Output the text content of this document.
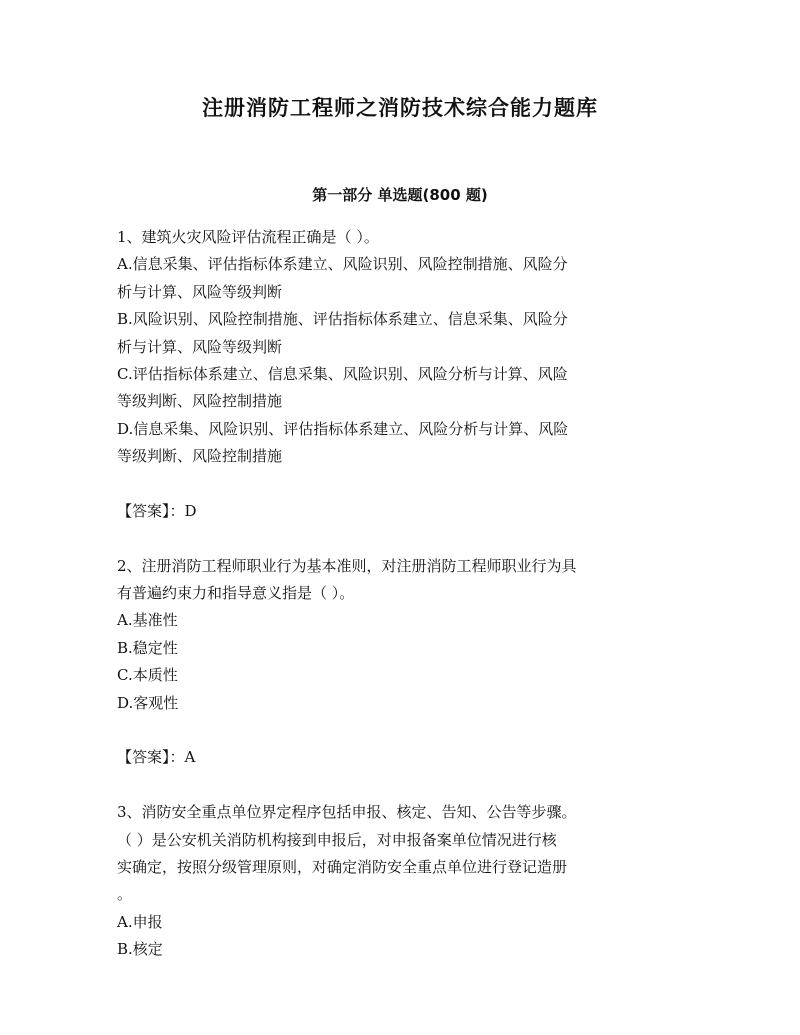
注册消防工程师之消防技术综合能力题库
第一部分 单选题(800 题)
1、建筑火灾风险评估流程正确是（ ）。
A.信息采集、评估指标体系建立、风险识别、风险控制措施、风险分
析与计算、风险等级判断
B.风险识别、风险控制措施、评估指标体系建立、信息采集、风险分
析与计算、风险等级判断
C.评估指标体系建立、信息采集、风险识别、风险分析与计算、风险
等级判断、风险控制措施
D.信息采集、风险识别、评估指标体系建立、风险分析与计算、风险
等级判断、风险控制措施
【答案】：D
2、注册消防工程师职业行为基本准则，对注册消防工程师职业行为具
有普遍约束力和指导意义指是（ ）。
A.基准性
B.稳定性
C.本质性
D.客观性
【答案】：A
3、消防安全重点单位界定程序包括申报、核定、告知、公告等步骤。
（ ）是公安机关消防机构接到申报后，对申报备案单位情况进行核
实确定，按照分级管理原则，对确定消防安全重点单位进行登记造册
。
A.申报
B.核定
